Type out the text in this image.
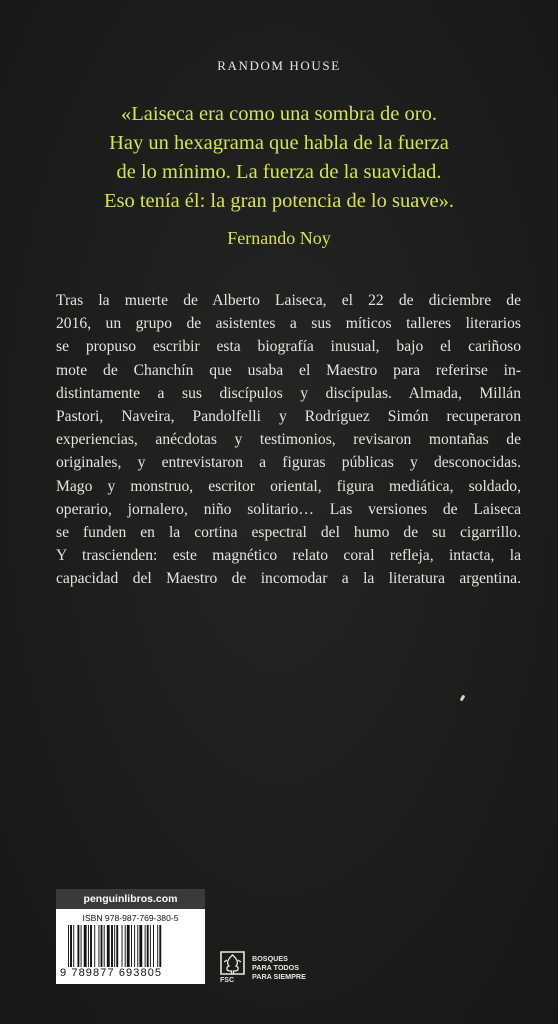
RANDOM HOUSE
«Laiseca era como una sombra de oro.
Hay un hexagrama que habla de la fuerza
de lo mínimo. La fuerza de la suavidad.
Eso tenía él: la gran potencia de lo suave».
Fernando Noy
Tras la muerte de Alberto Laiseca, el 22 de diciembre de
2016, un grupo de asistentes a sus míticos talleres literarios
se propuso escribir esta biografía inusual, bajo el cariñoso
mote de Chanchín que usaba el Maestro para referirse in-
distintamente a sus discípulos y discípulas. Almada, Millán
Pastori, Naveira, Pandolfelli y Rodríguez Simón recuperaron
experiencias, anécdotas y testimonios, revisaron montañas de
originales, y entrevistaron a figuras públicas y desconocidas.
Mago y monstruo, escritor oriental, figura mediática, soldado,
operario, jornalero, niño solitario… Las versiones de Laiseca
se funden en la cortina espectral del humo de su cigarrillo.
Y trascienden: este magnético relato coral refleja, intacta, la
capacidad del Maestro de incomodar a la literatura argentina.
penguinlibros.com
ISBN 978-987-769-380-5
9 789877 693805
FSC
BOSQUES
PARA TODOS
PARA SIEMPRE
